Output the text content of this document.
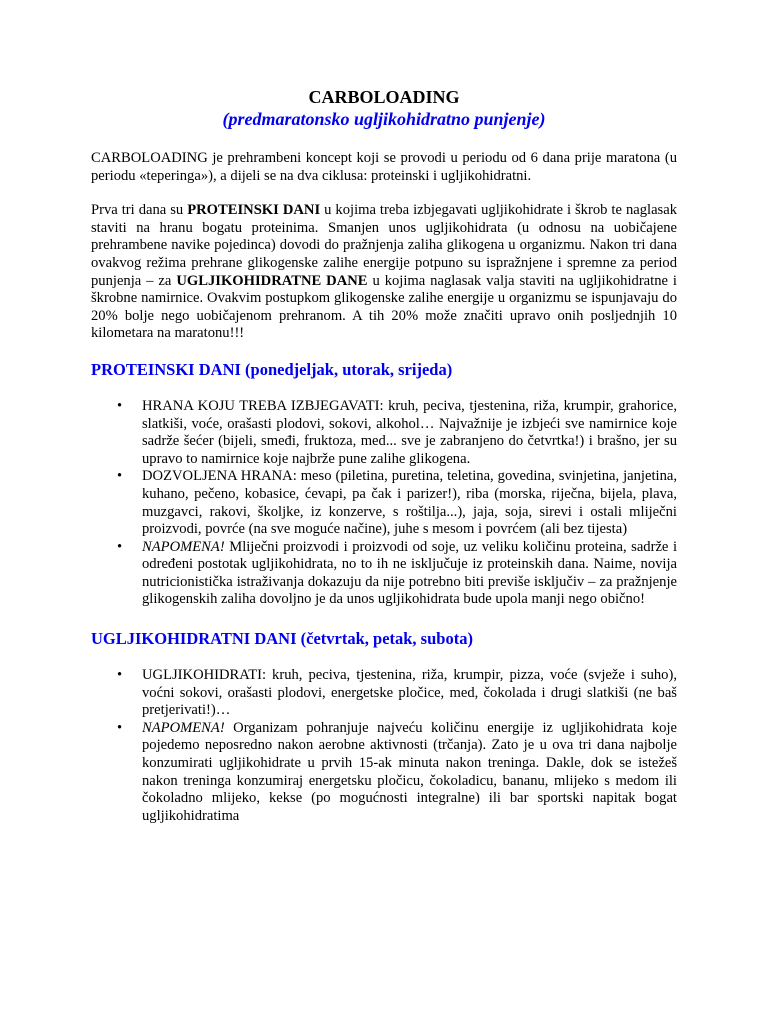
CARBOLOADING
(predmaratonsko ugljikohidratno punjenje)

CARBOLOADING je prehrambeni koncept koji se provodi u periodu od 6 dana prije maratona (u periodu «teperinga»), a dijeli se na dva ciklusa: proteinski i ugljikohidratni.

Prva tri dana su PROTEINSKI DANI u kojima treba izbjegavati ugljikohidrate i škrob te naglasak staviti na hranu bogatu proteinima. Smanjen unos ugljikohidrata (u odnosu na uobičajene prehrambene navike pojedinca) dovodi do pražnjenja zaliha glikogena u organizmu. Nakon tri dana ovakvog režima prehrane glikogenske zalihe energije potpuno su ispražnjene i spremne za period punjenja – za UGLJIKOHIDRATNE DANE u kojima naglasak valja staviti na ugljikohidratne i škrobne namirnice. Ovakvim postupkom glikogenske zalihe energije u organizmu se ispunjavaju do 20% bolje nego uobičajenom prehranom. A tih 20% može značiti upravo onih posljednjih 10 kilometara na maratonu!!!

PROTEINSKI DANI (ponedjeljak, utorak, srijeda)
• HRANA KOJU TREBA IZBJEGAVATI: kruh, peciva, tjestenina, riža, krumpir, grahorice, slatkiši, voće, orašasti plodovi, sokovi, alkohol… Najvažnije je izbjeći sve namirnice koje sadrže šećer (bijeli, smeđi, fruktoza, med... sve je zabranjeno do četvrtka!) i brašno, jer su upravo to namirnice koje najbrže pune zalihe glikogena.
• DOZVOLJENA HRANA: meso (piletina, puretina, teletina, govedina, svinjetina, janjetina, kuhano, pečeno, kobasice, ćevapi, pa čak i parizer!), riba (morska, riječna, bijela, plava, muzgavci, rakovi, školjke, iz konzerve, s roštilja...), jaja, soja, sirevi i ostali mliječni proizvodi, povrće (na sve moguće načine), juhe s mesom i povrćem (ali bez tijesta)
• NAPOMENA! Mliječni proizvodi i proizvodi od soje, uz veliku količinu proteina, sadrže i određeni postotak ugljikohidrata, no to ih ne isključuje iz proteinskih dana. Naime, novija nutricionistička istraživanja dokazuju da nije potrebno biti previše isključiv – za pražnjenje glikogenskih zaliha dovoljno je da unos ugljikohidrata bude upola manji nego obično!
UGLJIKOHIDRATNI DANI (četvrtak, petak, subota)
• UGLJIKOHIDRATI: kruh, peciva, tjestenina, riža, krumpir, pizza, voće (svježe i suho), voćni sokovi, orašasti plodovi, energetske pločice, med, čokolada i drugi slatkiši (ne baš pretjerivati!)…
• NAPOMENA! Organizam pohranjuje najveću količinu energije iz ugljikohidrata koje pojedemo neposredno nakon aerobne aktivnosti (trčanja). Zato je u ova tri dana najbolje konzumirati ugljikohidrate u prvih 15-ak minuta nakon treninga. Dakle, dok se istežeš nakon treninga konzumiraj energetsku pločicu, čokoladicu, bananu, mlijeko s medom ili čokoladno mlijeko, kekse (po mogućnosti integralne) ili bar sportski napitak bogat ugljikohidratima
